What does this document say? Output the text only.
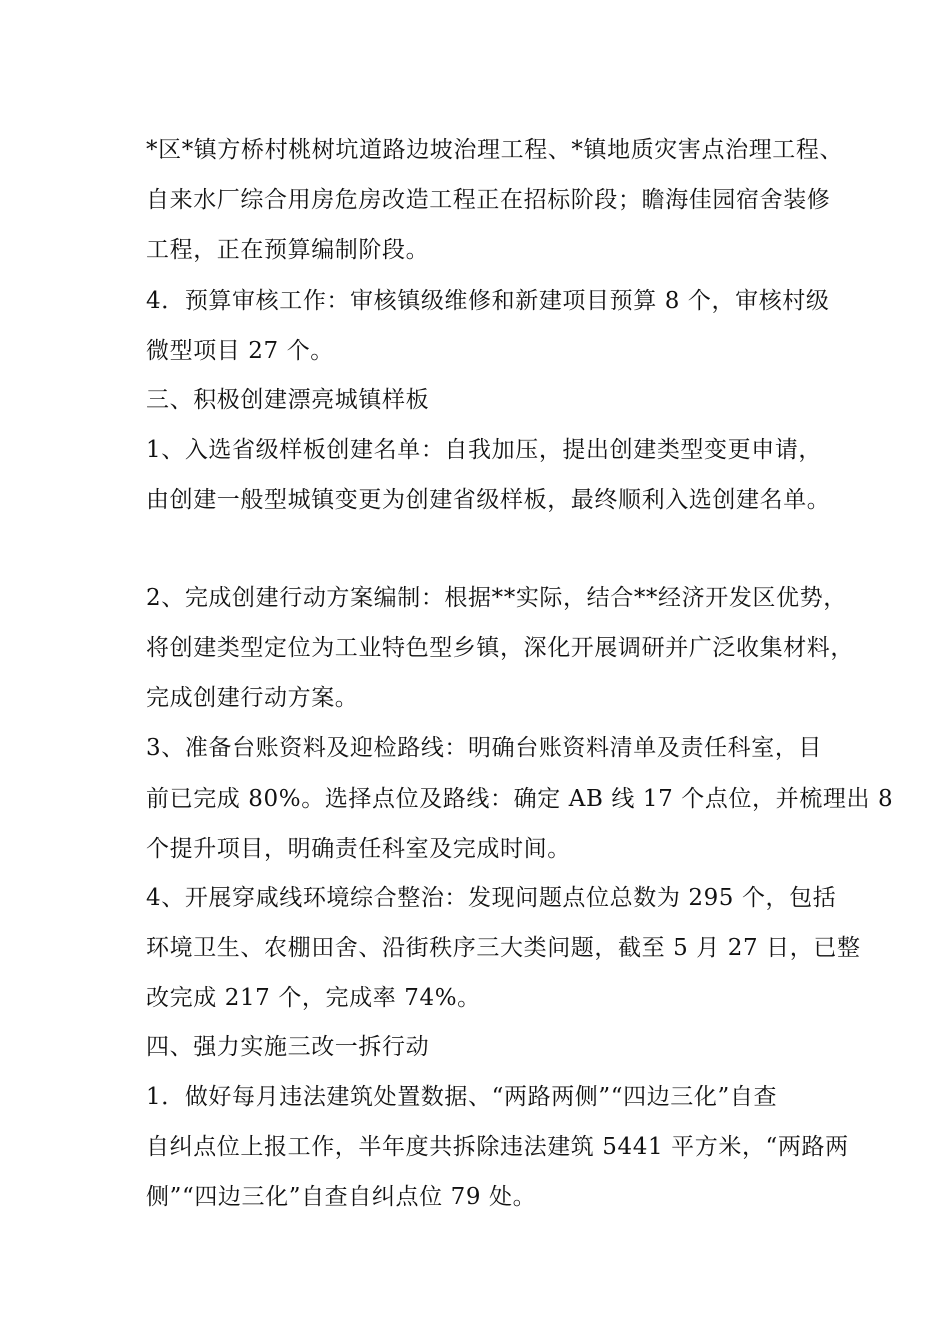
*区*镇方桥村桃树坑道路边坡治理工程、*镇地质灾害点治理工程、
自来水厂综合用房危房改造工程正在招标阶段；瞻海佳园宿舍装修
工程，正在预算编制阶段。
4．预算审核工作：审核镇级维修和新建项目预算 8 个，审核村级
微型项目 27 个。
三、积极创建漂亮城镇样板
1、入选省级样板创建名单：自我加压，提出创建类型变更申请，
由创建一般型城镇变更为创建省级样板，最终顺利入选创建名单。
2、完成创建行动方案编制：根据**实际，结合**经济开发区优势，
将创建类型定位为工业特色型乡镇，深化开展调研并广泛收集材料，
完成创建行动方案。
3、准备台账资料及迎检路线：明确台账资料清单及责任科室，目
前已完成 80%。选择点位及路线：确定 AB 线 17 个点位，并梳理出 8
个提升项目，明确责任科室及完成时间。
4、开展穿咸线环境综合整治：发现问题点位总数为 295 个，包括
环境卫生、农棚田舍、沿街秩序三大类问题，截至 5 月 27 日，已整
改完成 217 个，完成率 74%。
四、强力实施三改一拆行动
1．做好每月违法建筑处置数据、“两路两侧”“四边三化”自查
自纠点位上报工作，半年度共拆除违法建筑 5441 平方米，“两路两
侧”“四边三化”自查自纠点位 79 处。
